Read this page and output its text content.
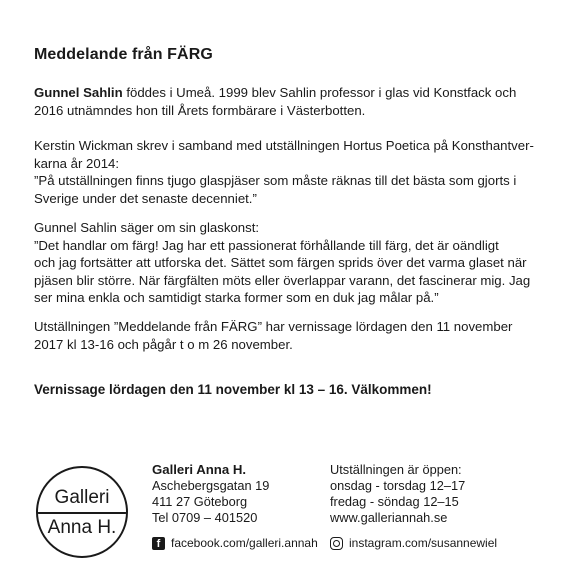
Meddelande från FÄRG

Gunnel Sahlin föddes i Umeå. 1999 blev Sahlin professor i glas vid Konstfack och 2016 utnämndes hon till Årets formbärare i Västerbotten.

Kerstin Wickman skrev i samband med utställningen Hortus Poetica på Konsthantver-
karna år 2014:
”På utställningen finns tjugo glaspjäser som måste räknas till det bästa som gjorts i
Sverige under det senaste decenniet.”

Gunnel Sahlin säger om sin glaskonst:
”Det handlar om färg! Jag har ett passionerat förhållande till färg, det är oändligt
och jag fortsätter att utforska det. Sättet som färgen sprids över det varma glaset när
pjäsen blir större. När färgfälten möts eller överlappar varann, det fascinerar mig. Jag
ser mina enkla och samtidigt starka former som en duk jag målar på.”

Utställningen ”Meddelande från FÄRG” har vernissage lördagen den 11 november
2017 kl 13-16 och pågår t o m 26 november.

Vernissage lördagen den 11 november kl 13 – 16. Välkommen!
Galleri
Anna H.
Galleri Anna H.
Aschebergsgatan 19
411 27 Göteborg
Tel 0709 – 401520
Utställningen är öppen:
onsdag - torsdag 12–17
fredag - söndag 12–15
www.galleriannah.se
f facebook.com/galleri.annah	instagram.com/susannewiel
